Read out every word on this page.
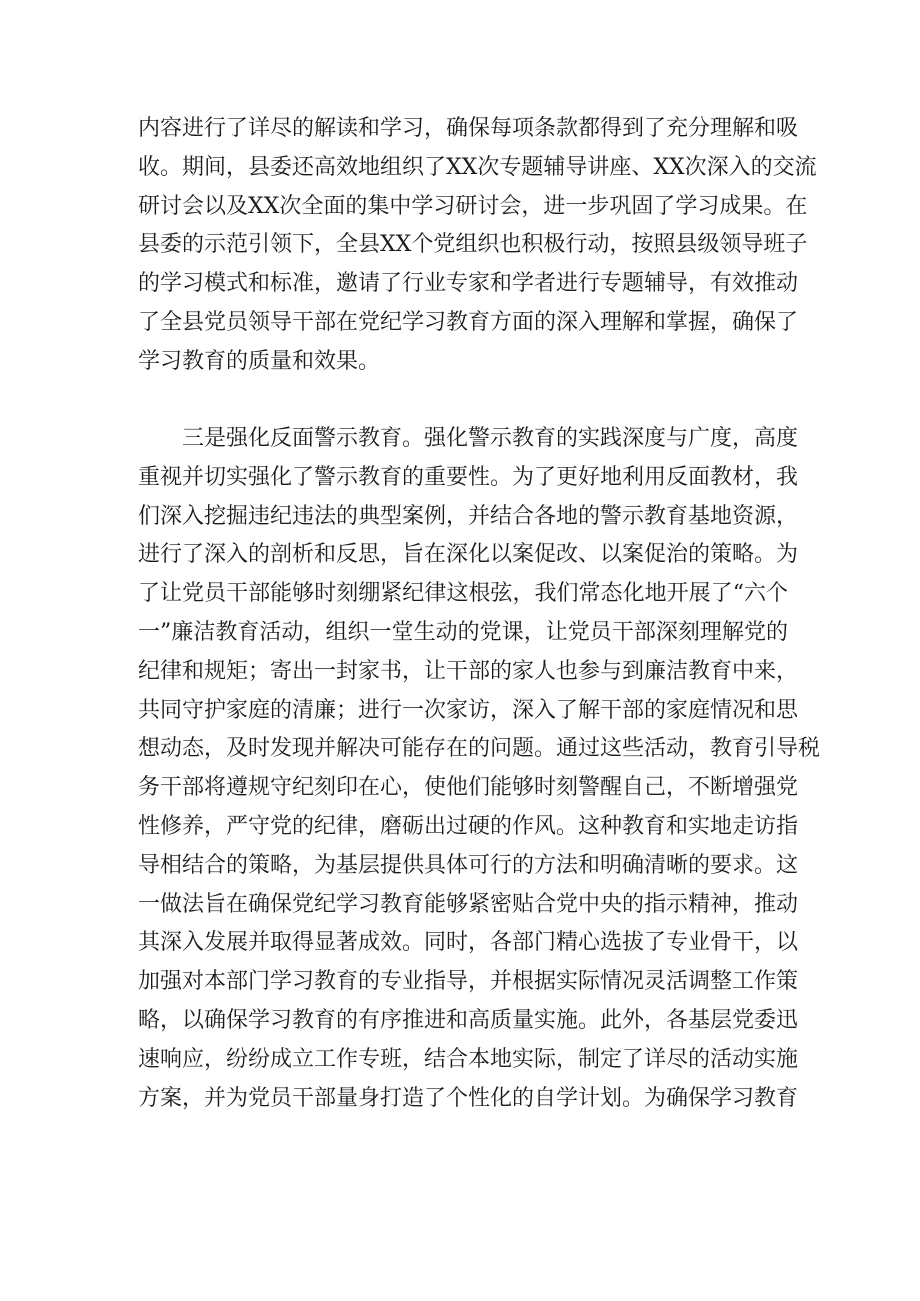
内容进行了详尽的解读和学习，确保每项条款都得到了充分理解和吸
收。期间，县委还高效地组织了XX次专题辅导讲座、XX次深入的交流
研讨会以及XX次全面的集中学习研讨会，进一步巩固了学习成果。在
县委的示范引领下，全县XX个党组织也积极行动，按照县级领导班子
的学习模式和标准，邀请了行业专家和学者进行专题辅导，有效推动
了全县党员领导干部在党纪学习教育方面的深入理解和掌握，确保了
学习教育的质量和效果。
三是强化反面警示教育。强化警示教育的实践深度与广度，高度
重视并切实强化了警示教育的重要性。为了更好地利用反面教材，我
们深入挖掘违纪违法的典型案例，并结合各地的警示教育基地资源，
进行了深入的剖析和反思，旨在深化以案促改、以案促治的策略。为
了让党员干部能够时刻绷紧纪律这根弦，我们常态化地开展了“六个
一”廉洁教育活动，组织一堂生动的党课，让党员干部深刻理解党的
纪律和规矩；寄出一封家书，让干部的家人也参与到廉洁教育中来，
共同守护家庭的清廉；进行一次家访，深入了解干部的家庭情况和思
想动态，及时发现并解决可能存在的问题。通过这些活动，教育引导税
务干部将遵规守纪刻印在心，使他们能够时刻警醒自己，不断增强党
性修养，严守党的纪律，磨砺出过硬的作风。这种教育和实地走访指
导相结合的策略，为基层提供具体可行的方法和明确清晰的要求。这
一做法旨在确保党纪学习教育能够紧密贴合党中央的指示精神，推动
其深入发展并取得显著成效。同时，各部门精心选拔了专业骨干，以
加强对本部门学习教育的专业指导，并根据实际情况灵活调整工作策
略，以确保学习教育的有序推进和高质量实施。此外，各基层党委迅
速响应，纷纷成立工作专班，结合本地实际，制定了详尽的活动实施
方案，并为党员干部量身打造了个性化的自学计划。为确保学习教育
